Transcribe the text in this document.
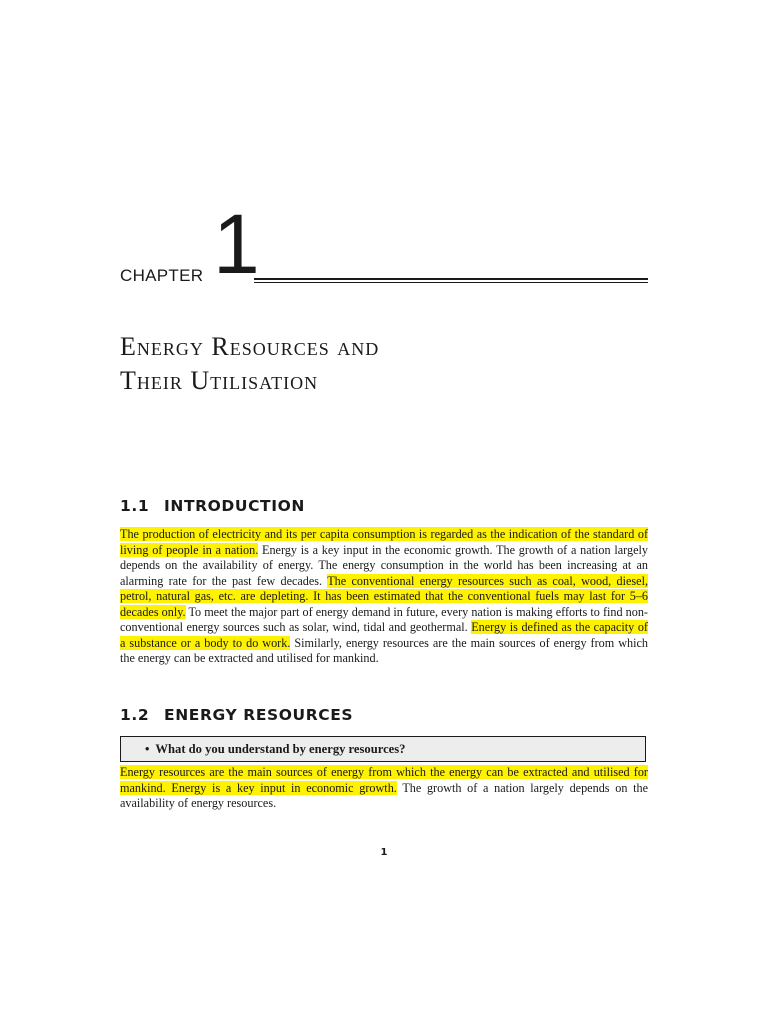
CHAPTER 1
Energy Resources and
Their Utilisation
1.1 INTRODUCTION
The production of electricity and its per capita consumption is regarded as the indication of the standard of living of people in a nation. Energy is a key input in the economic growth. The growth of a nation largely depends on the availability of energy. The energy consumption in the world has been increasing at an alarming rate for the past few decades. The conventional energy resources such as coal, wood, diesel, petrol, natural gas, etc. are depleting. It has been estimated that the conventional fuels may last for 5–6 decades only. To meet the major part of energy demand in future, every nation is making efforts to find non-conventional energy sources such as solar, wind, tidal and geothermal. Energy is defined as the capacity of a substance or a body to do work. Similarly, energy resources are the main sources of energy from which the energy can be extracted and utilised for mankind.
1.2 ENERGY RESOURCES
• What do you understand by energy resources?
Energy resources are the main sources of energy from which the energy can be extracted and utilised for mankind. Energy is a key input in economic growth. The growth of a nation largely depends on the availability of energy resources.
1
